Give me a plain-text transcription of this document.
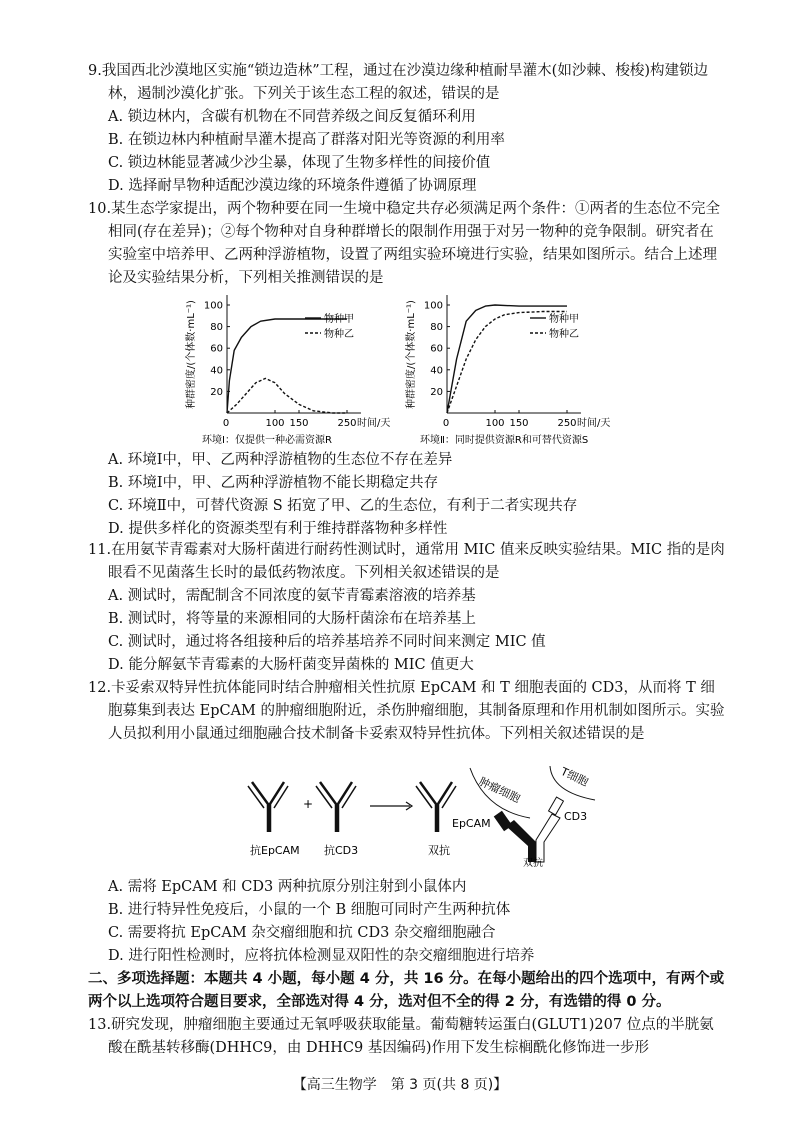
9.我国西北沙漠地区实施“锁边造林”工程，通过在沙漠边缘种植耐旱灌木(如沙棘、梭梭)构建锁边林，遏制沙漠化扩张。下列关于该生态工程的叙述，错误的是
A. 锁边林内，含碳有机物在不同营养级之间反复循环利用
B. 在锁边林内种植耐旱灌木提高了群落对阳光等资源的利用率
C. 锁边林能显著减少沙尘暴，体现了生物多样性的间接价值
D. 选择耐旱物种适配沙漠边缘的环境条件遵循了协调原理
10.某生态学家提出，两个物种要在同一生境中稳定共存必须满足两个条件：①两者的生态位不完全相同(存在差异)；②每个物种对自身种群增长的限制作用强于对另一物种的竞争限制。研究者在实验室中培养甲、乙两种浮游植物，设置了两组实验环境进行实验，结果如图所示。结合上述理论及实验结果分析，下列相关推测错误的是
种群密度/(个体数·mL⁻¹) 20
40
60
80
100
0	100 150	250 时间/天
物种甲
物种乙
环境Ⅰ：仅提供一种必需资源R
种群密度/(个体数·mL⁻¹) 20
40
60
80
100
0	100 150	250 时间/天
物种甲
物种乙
环境Ⅱ：同时提供资源R和可替代资源S
A. 环境Ⅰ中，甲、乙两种浮游植物的生态位不存在差异
B. 环境Ⅰ中，甲、乙两种浮游植物不能长期稳定共存
C. 环境Ⅱ中，可替代资源 S 拓宽了甲、乙的生态位，有利于二者实现共存
D. 提供多样化的资源类型有利于维持群落物种多样性
11.在用氨苄青霉素对大肠杆菌进行耐药性测试时，通常用 MIC 值来反映实验结果。MIC 指的是肉眼看不见菌落生长时的最低药物浓度。下列相关叙述错误的是
A. 测试时，需配制含不同浓度的氨苄青霉素溶液的培养基
B. 测试时，将等量的来源相同的大肠杆菌涂布在培养基上
C. 测试时，通过将各组接种后的培养基培养不同时间来测定 MIC 值
D. 能分解氨苄青霉素的大肠杆菌变异菌株的 MIC 值更大
12.卡妥索双特异性抗体能同时结合肿瘤相关性抗原 EpCAM 和 T 细胞表面的 CD3，从而将 T 细胞募集到表达 EpCAM 的肿瘤细胞附近，杀伤肿瘤细胞，其制备原理和作用机制如图所示。实验人员拟利用小鼠通过细胞融合技术制备卡妥索双特异性抗体。下列相关叙述错误的是
抗EpCAM
+
抗CD3	双抗
肿瘤细胞	T细胞
EpCAM
CD3
双抗
A. 需将 EpCAM 和 CD3 两种抗原分别注射到小鼠体内
B. 进行特异性免疫后，小鼠的一个 B 细胞可同时产生两种抗体
C. 需要将抗 EpCAM 杂交瘤细胞和抗 CD3 杂交瘤细胞融合
D. 进行阳性检测时，应将抗体检测显双阳性的杂交瘤细胞进行培养
二、多项选择题：本题共 4 小题，每小题 4 分，共 16 分。在每小题给出的四个选项中，有两个或两个以上选项符合题目要求，全部选对得 4 分，选对但不全的得 2 分，有选错的得 0 分。
13.研究发现，肿瘤细胞主要通过无氧呼吸获取能量。葡萄糖转运蛋白(GLUT1)207 位点的半胱氨酸在酰基转移酶(DHHC9，由 DHHC9 基因编码)作用下发生棕榈酰化修饰进一步形
【高三生物学　第 3 页(共 8 页)】
